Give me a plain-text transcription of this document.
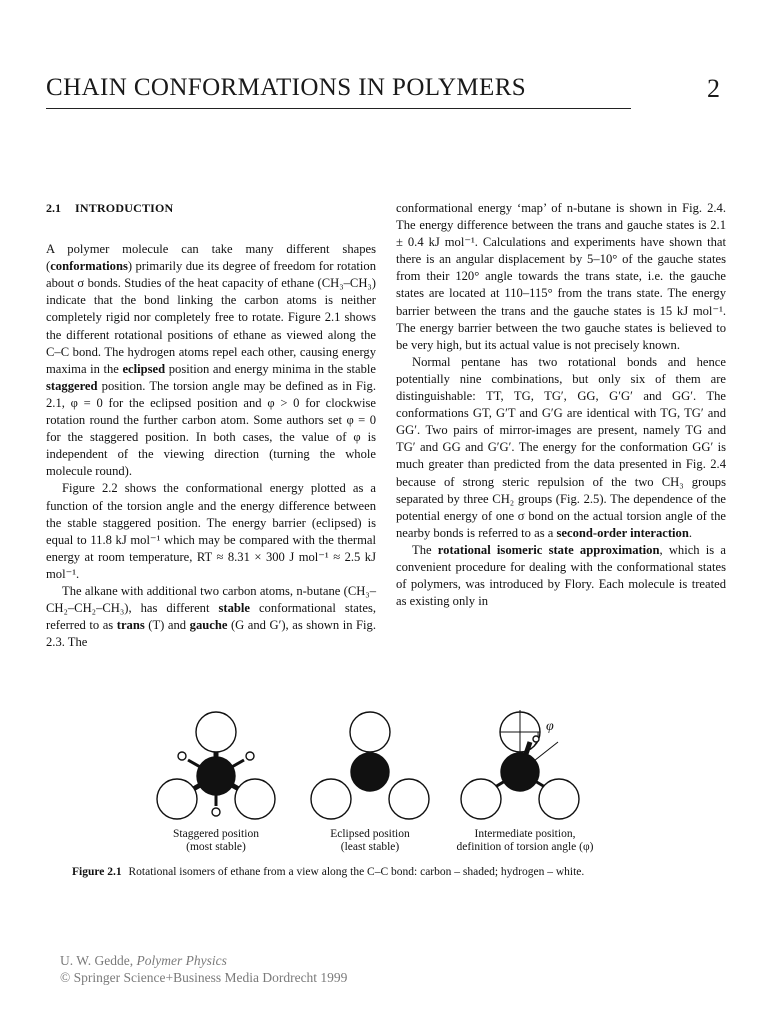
CHAIN CONFORMATIONS IN POLYMERS	2
2.1 INTRODUCTION

A polymer molecule can take many different shapes (conformations) primarily due its degree of freedom for rotation about σ bonds. Studies of the heat capacity of ethane (CH₃–CH₃) indicate that the bond linking the carbon atoms is neither completely rigid nor completely free to rotate. Figure 2.1 shows the different rotational positions of ethane as viewed along the C–C bond. The hydrogen atoms repel each other, causing energy maxima in the eclipsed position and energy minima in the stable staggered position. The torsion angle may be defined as in Fig. 2.1, φ = 0 for the eclipsed position and φ > 0 for clockwise rotation round the further carbon atom. Some authors set φ = 0 for the staggered position. In both cases, the value of φ is independent of the viewing direction (turning the whole molecule round).

Figure 2.2 shows the conformational energy plotted as a function of the torsion angle and the energy difference between the stable staggered position. The energy barrier (eclipsed) is equal to 11.8 kJ mol⁻¹ which may be compared with the thermal energy at room temperature, RT ≈ 8.31 × 300 J mol⁻¹ ≈ 2.5 kJ mol⁻¹.

The alkane with additional two carbon atoms, n-butane (CH₃–CH₂–CH₂–CH₃), has different stable conformational states, referred to as trans (T) and gauche (G and G′), as shown in Fig. 2.3. The

conformational energy ‘map’ of n-butane is shown in Fig. 2.4. The energy difference between the trans and gauche states is 2.1 ± 0.4 kJ mol⁻¹. Calculations and experiments have shown that there is an angular displacement by 5–10° of the gauche states from their 120° angle towards the trans state, i.e. the gauche states are located at 110–115° from the trans state. The energy barrier between the trans and the gauche states is 15 kJ mol⁻¹. The energy barrier between the two gauche states is believed to be very high, but its actual value is not precisely known.

Normal pentane has two rotational bonds and hence potentially nine combinations, but only six of them are distinguishable: TT, TG, TG′, GG, G′G′ and GG′. The conformations GT, G′T and G′G are identical with TG, TG′ and GG′. Two pairs of mirror-images are present, namely TG and TG′ and GG and G′G′. The energy for the conformation GG′ is much greater than predicted from the data presented in Fig. 2.4 because of strong steric repulsion of the two CH₃ groups separated by three CH₂ groups (Fig. 2.5). The dependence of the potential energy of one σ bond on the actual torsion angle of the nearby bonds is referred to as a second-order interaction.

The rotational isomeric state approximation, which is a convenient procedure for dealing with the conformational states of polymers, was introduced by Flory. Each molecule is treated as existing only in

φ
Staggered position
(most stable)
Eclipsed position
(least stable)
Intermediate position,
definition of torsion angle (φ)
Figure 2.1 Rotational isomers of ethane from a view along the C–C bond: carbon – shaded; hydrogen – white.
U. W. Gedde, Polymer Physics
© Springer Science+Business Media Dordrecht 1999
